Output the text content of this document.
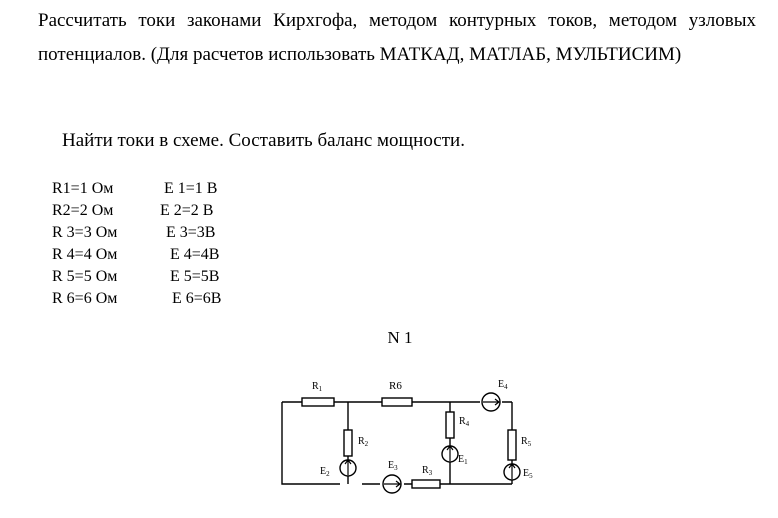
Рассчитать токи законами Кирхгофа, методом контурных токов, методом узловых потенциалов. (Для расчетов использовать МАТКАД, МАТЛАБ, МУЛЬТИСИМ)

Найти токи в схеме. Составить баланс мощности.

R1=1 Ом	E 1=1 В
R2=2 Ом	E 2=2 В
R 3=3 Ом	E 3=3В
R 4=4 Ом	E 4=4В
R 5=5 Ом	E 5=5В
R 6=6 Ом	E 6=6В
N 1
$R_1$	R6
$R_2$
$R_4$
$R_5$
$R_3$
$E_4$
$E_2$
$E_1$
$E_5$
$E_3$
